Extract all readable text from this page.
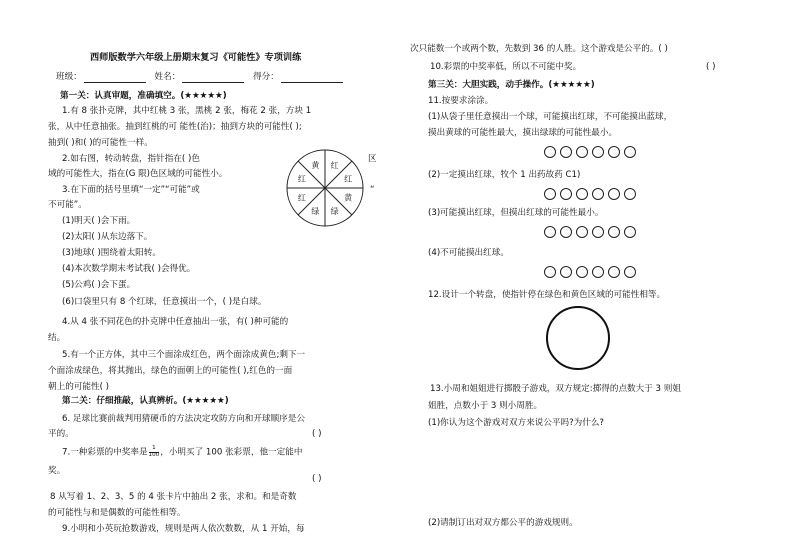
西师版数学六年级上册期末复习《可能性》专项训练
班级：	姓名：	得分：
第一关：认真审题，准确填空。(★★★★★)
1.有 8 张扑克牌，其中红桃 3 张，黑桃 2 张，梅花 2 张，方块 1
张，从中任意抽张。抽到红桃的可 能性(治)；抽到方块的可能性( );
抽到( )和( )的可能性一样。
2.如右图，转动转盘，指针指在( )色	区
域的可能性大，指在(G 限)色区域的可能性小。
3.在下面的括号里填“一定”“可能”或	“
不可能”。
(1)明天( )会下雨。
(2)太阳( )从东边落下。
(3)地球( )围绕着太阳转。
(4)本次数学期末考试我( )会得优。
(5)公鸡( )会下蛋。
(6)口袋里只有 8 个红球，任意摸出一个，( )是白球。
4.从 4 张不同花色的扑克牌中任意抽出一张，有( )种可能的
结。
5.有一个正方体，其中三个面涂成红色，两个面涂成黄色;剩下一
个面涂成绿色，将其抛出，绿色的面朝上的可能性( ),红色的一面
朝上的可能性( )
第二关：仔细推敲，认真辨析。(★★★★★)
6. 足球比赛前裁判用猜硬币的方法决定攻防方向和开球顺序是公
平的。	( )
7.一种彩票的中奖率是 $\frac{1}{100}$ ，小明买了 100 张彩票，他一定能中
奖。
( )
8 从写着 1、2、3、5 的 4 张卡片中抽出 2 张，求和。和是奇数
的可能性与和是偶数的可能性相等。
9.小明和小英玩抢数游戏，规则是两人依次数数，从 1 开始，每
红
红
黄
绿
绿
红
红
黄
次只能数一个或两个数，先数到 36 的人胜。这个游戏是公平的。( )
10.彩票的中奖率低，所以不可能中奖。	( )
第三关：大胆实践，动手操作。(★★★★★)
11.按要求涂涂。
(1)从袋子里任意摸出一个球，可能摸出红球，不可能摸出蓝球，
摸出黄球的可能性最大，摸出绿球的可能性最小。
(2)一定摸出红球，牧个 1 出药故药 C1)
(3)可能摸出红球，但摸出红球的可能性最小。
(4)不可能摸出红球。
12.设计一个转盘，使指针停在绿色和黄色区域的可能性相等。
13.小周和姐姐进行掷骰子游戏，双方规定:掷得的点数大于 3 则姐
姐胜，点数小于 3 则小周胜。
(1)你认为这个游戏对双方来说公平吗?为什么?
(2)请制订出对双方都公平的游戏规则。
